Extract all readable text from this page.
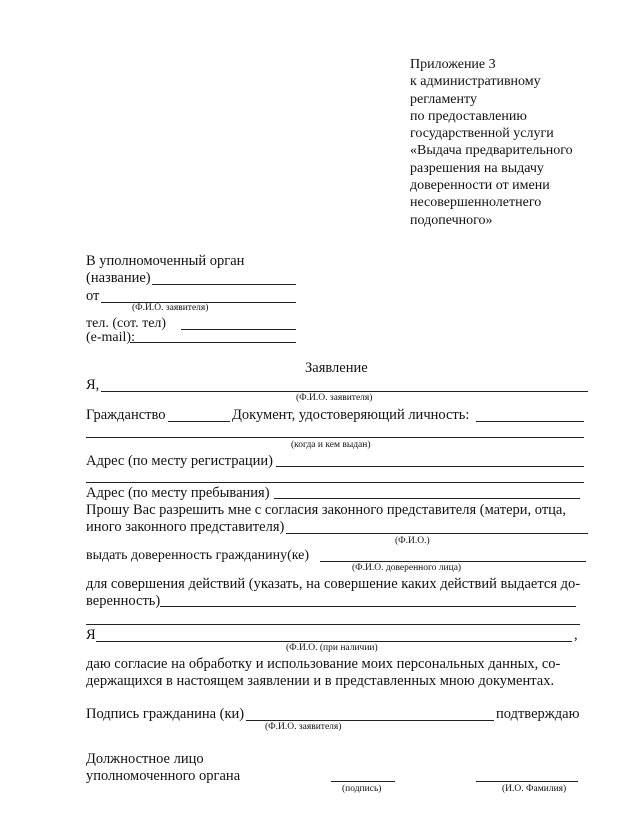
Приложение 3
к административному
регламенту
по предоставлению
государственной услуги
«Выдача предварительного
разрешения на выдачу
доверенности от имени
несовершеннолетнего
подопечного»
В уполномоченный орган
(название)
от
(Ф.И.О. заявителя)
тел. (сот. тел)
(e-mail):
Заявление
Я,
(Ф.И.О. заявителя)
Гражданство	Документ, удостоверяющий личность:
(когда и кем выдан)
Адрес (по месту регистрации)
Адрес (по месту пребывания)
Прошу Вас разрешить мне с согласия законного представителя (матери, отца,
иного законного представителя)
(Ф.И.О.)
выдать доверенность гражданину(ке)
(Ф.И.О. доверенного лица)
для совершения действий (указать, на совершение каких действий выдается до-
веренность)
Я	,
(Ф.И.О. (при наличии)
даю согласие на обработку и использование моих персональных данных, со-
держащихся в настоящем заявлении и в представленных мною документах.
Подпись гражданина (ки)	подтверждаю
(Ф.И.О. заявителя)
Должностное лицо
уполномоченного органа
(подпись)	(И.О. Фамилия)
